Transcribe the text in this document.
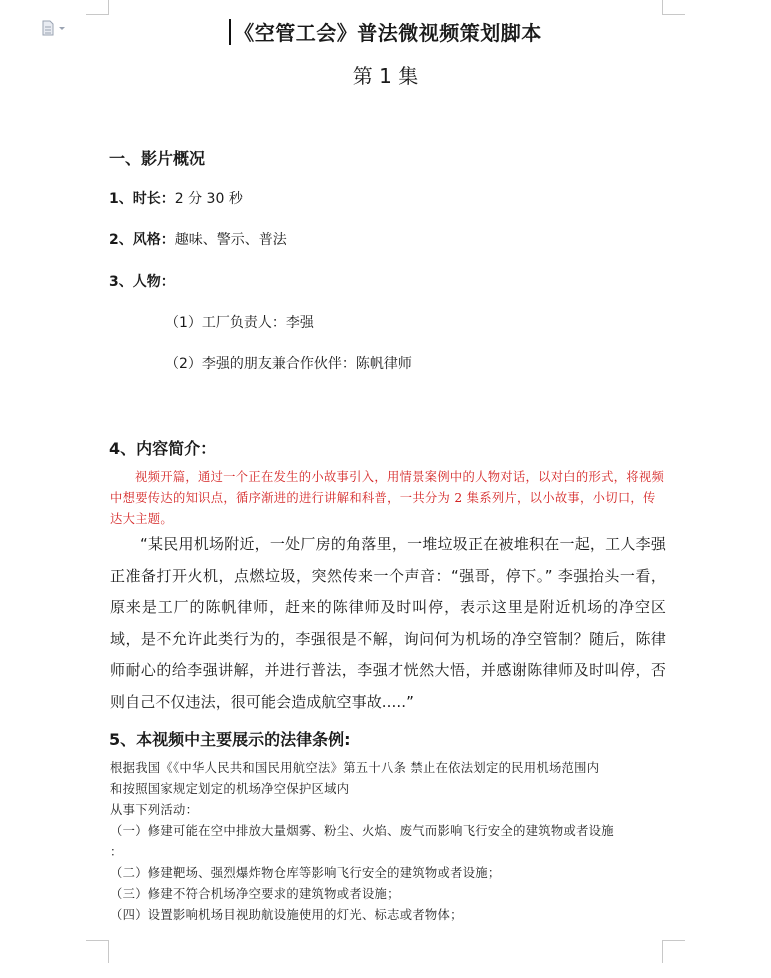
《空管工会》普法微视频策划脚本
第 1 集
一、影片概况
1、时长：2 分 30 秒
2、风格：趣味、警示、普法
3、人物：
（1）工厂负责人：李强
（2）李强的朋友兼合作伙伴：陈帆律师
4、内容简介：
视频开篇，通过一个正在发生的小故事引入，用情景案例中的人物对话，以对白的形式，将视频中想要传达的知识点，循序渐进的进行讲解和科普，一共分为 2 集系列片，以小故事，小切口，传达大主题。
“某民用机场附近，一处厂房的角落里，一堆垃圾正在被堆积在一起，工人李强正准备打开火机，点燃垃圾，突然传来一个声音：“强哥，停下。” 李强抬头一看，原来是工厂的陈帆律师，赶来的陈律师及时叫停，表示这里是附近机场的净空区域，是不允许此类行为的，李强很是不解，询问何为机场的净空管制？随后，陈律师耐心的给李强讲解，并进行普法，李强才恍然大悟，并感谢陈律师及时叫停，否则自己不仅违法，很可能会造成航空事故.....”
5、本视频中主要展示的法律条例:
根据我国《《中华人民共和国民用航空法》第五十八条 禁止在依法划定的民用机场范围内
和按照国家规定划定的机场净空保护区域内
从事下列活动：
（一）修建可能在空中排放大量烟雾、粉尘、火焰、废气而影响飞行安全的建筑物或者设施
：
（二）修建靶场、强烈爆炸物仓库等影响飞行安全的建筑物或者设施；
（三）修建不符合机场净空要求的建筑物或者设施；
（四）设置影响机场目视助航设施使用的灯光、标志或者物体；
